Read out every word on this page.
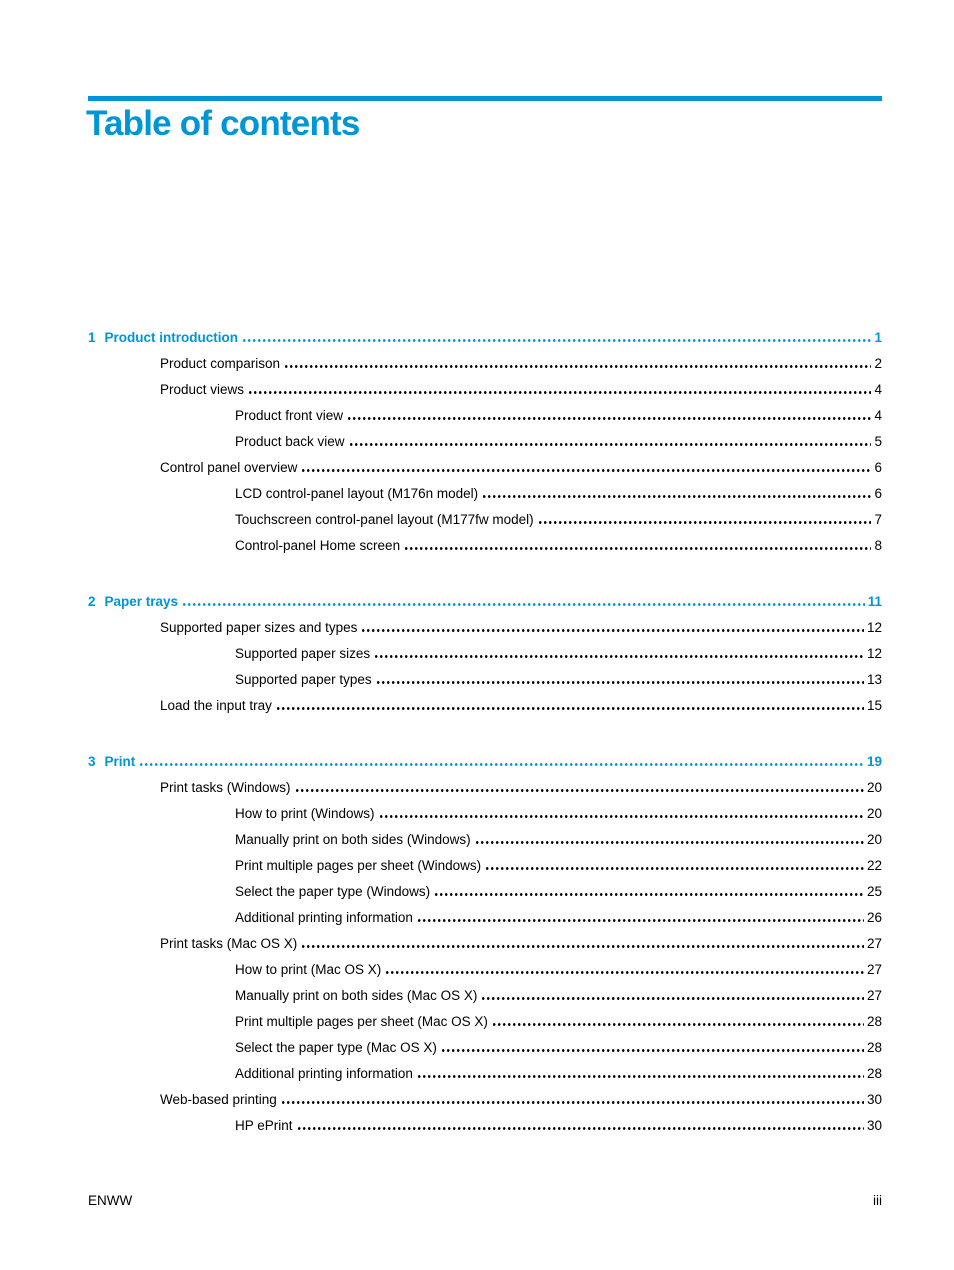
Table of contents
1 Product introduction	1
Product comparison	2
Product views	4
Product front view	4
Product back view	5
Control panel overview	6
LCD control-panel layout (M176n model)	6
Touchscreen control-panel layout (M177fw model)	7
Control-panel Home screen	8
2 Paper trays	11
Supported paper sizes and types	12
Supported paper sizes	12
Supported paper types	13
Load the input tray	15
3 Print	19
Print tasks (Windows)	20
How to print (Windows)	20
Manually print on both sides (Windows)	20
Print multiple pages per sheet (Windows)	22
Select the paper type (Windows)	25
Additional printing information	26
Print tasks (Mac OS X)	27
How to print (Mac OS X)	27
Manually print on both sides (Mac OS X)	27
Print multiple pages per sheet (Mac OS X)	28
Select the paper type (Mac OS X)	28
Additional printing information	28
Web-based printing	30
HP ePrint	30
ENWW	iii
